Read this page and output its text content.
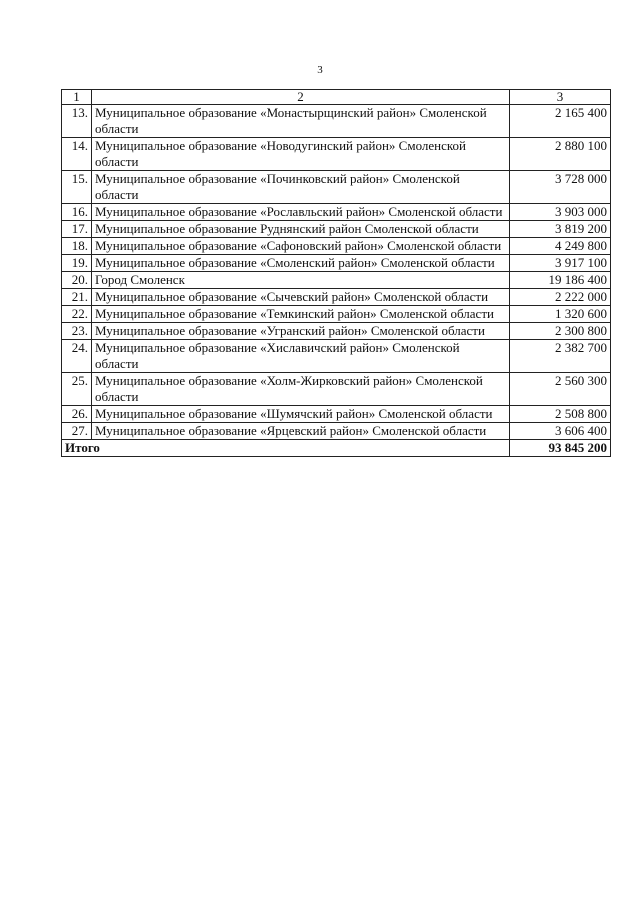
3
1	2	3
13.	Муниципальное образование «Монастырщинский район» Смоленской области	2 165 400
14.	Муниципальное образование «Новодугинский район» Смоленской области	2 880 100
15.	Муниципальное образование «Починковский район» Смоленской области	3 728 000
16.	Муниципальное образование «Рославльский район» Смоленской области	3 903 000
17.	Муниципальное образование Руднянский район Смоленской области	3 819 200
18.	Муниципальное образование «Сафоновский район» Смоленской области	4 249 800
19.	Муниципальное образование «Смоленский район» Смоленской области	3 917 100
20.	Город Смоленск	19 186 400
21.	Муниципальное образование «Сычевский район» Смоленской области	2 222 000
22.	Муниципальное образование «Темкинский район» Смоленской области	1 320 600
23.	Муниципальное образование «Угранский район» Смоленской области	2 300 800
24.	Муниципальное образование «Хиславичский район» Смоленской области	2 382 700
25.	Муниципальное образование «Холм-Жирковский район» Смоленской области	2 560 300
26.	Муниципальное образование «Шумячский район» Смоленской области	2 508 800
27.	Муниципальное образование «Ярцевский район» Смоленской области	3 606 400
Итого		93 845 200
